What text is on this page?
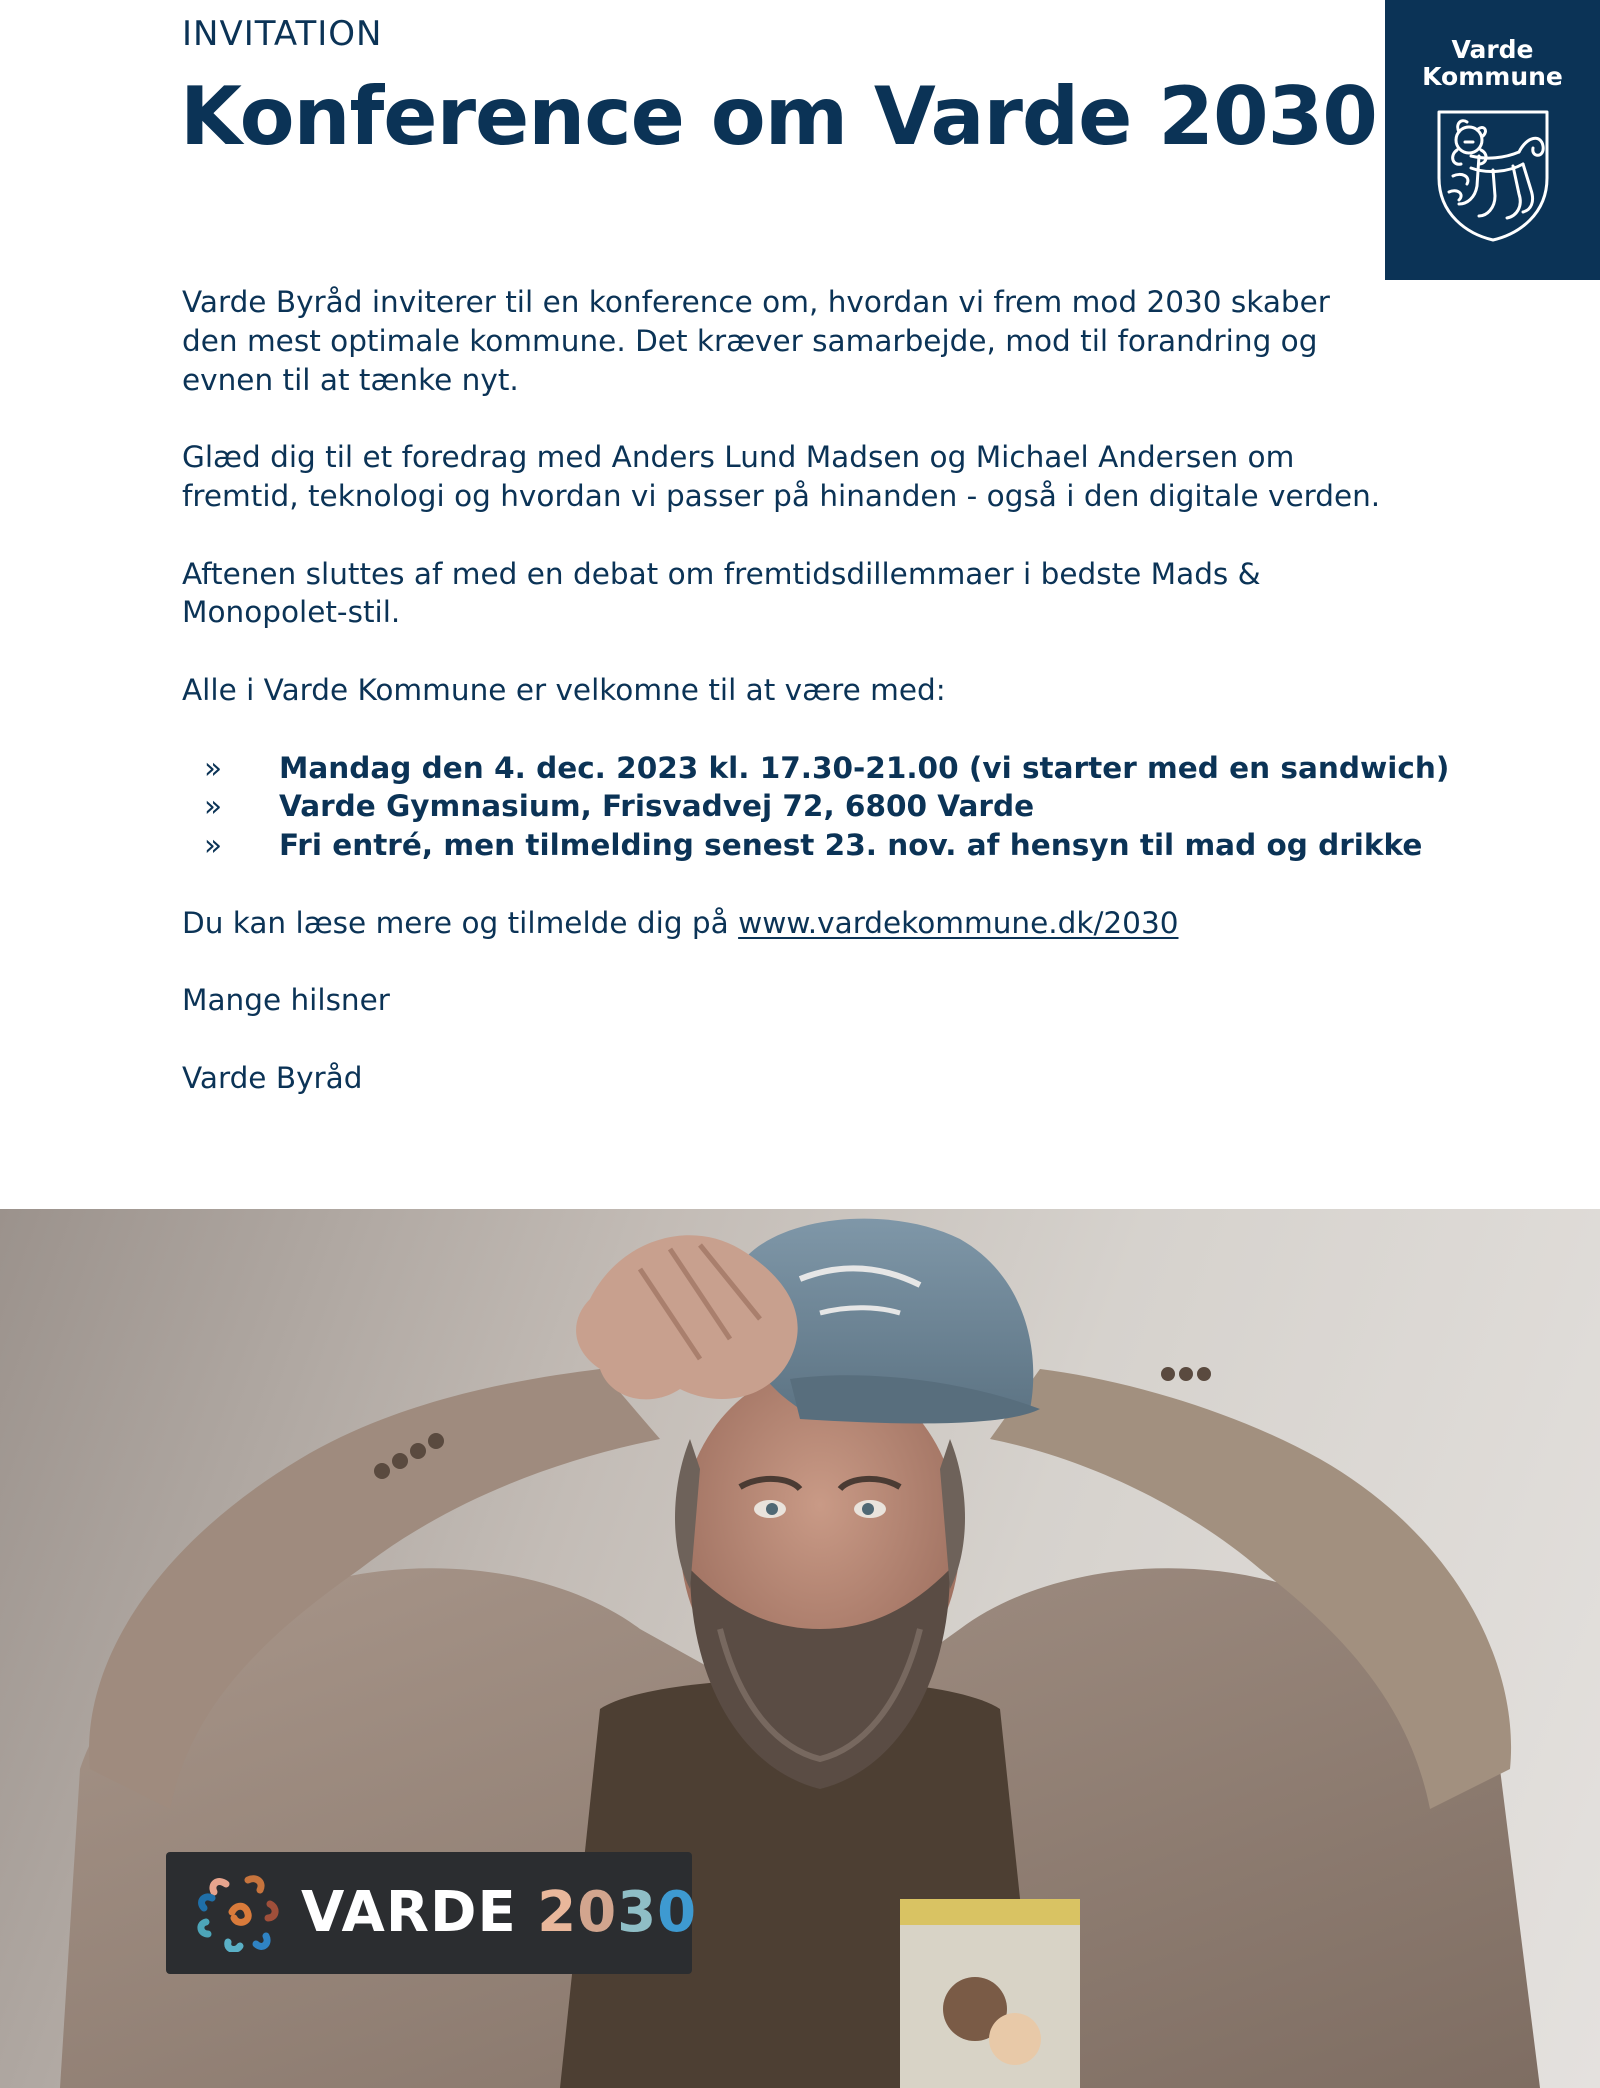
INVITATION
Konference om Varde 2030
Varde
Kommune

Varde Byråd inviterer til en konference om, hvordan vi frem mod 2030 skaber den mest optimale kommune. Det kræver samarbejde, mod til forandring og evnen til at tænke nyt.

Glæd dig til et foredrag med Anders Lund Madsen og Michael Andersen om fremtid, teknologi og hvordan vi passer på hinanden - også i den digitale verden.

Aftenen sluttes af med en debat om fremtidsdillemmaer i bedste Mads & Monopolet-stil.

Alle i Varde Kommune er velkomne til at være med:

» Mandag den 4. dec. 2023 kl. 17.30-21.00 (vi starter med en sandwich)
» Varde Gymnasium, Frisvadvej 72, 6800 Varde
» Fri entré, men tilmelding senest 23. nov. af hensyn til mad og drikke

Du kan læse mere og tilmelde dig på www.vardekommune.dk/2030

Mange hilsner

Varde Byråd

VARDE 2030
